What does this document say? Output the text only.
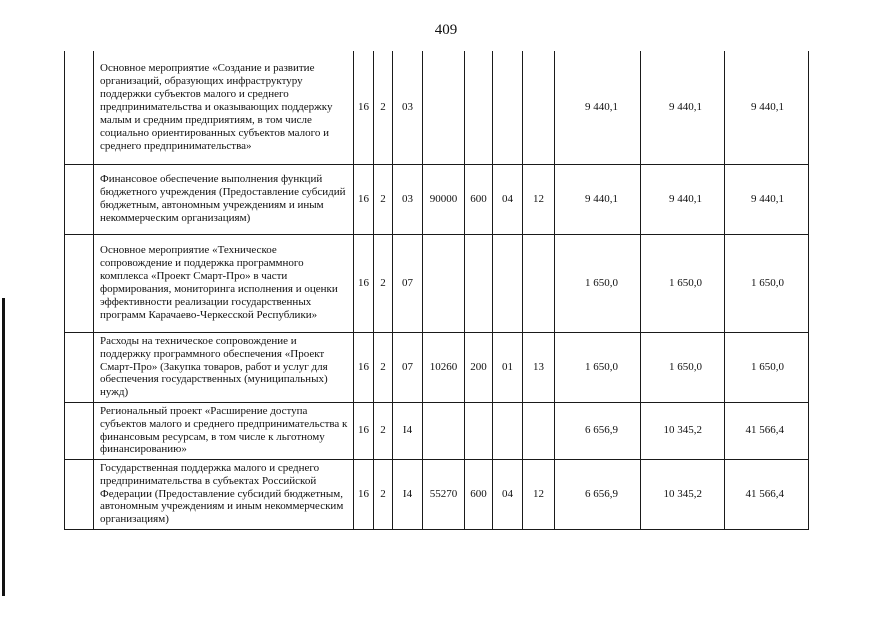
409
	Основное мероприятие «Создание и развитие организаций, образующих инфраструктуру поддержки субъектов малого и среднего предпринимательства и оказывающих поддержку малым и средним предприятиям, в том числе социально ориентированных субъектов малого и среднего предпринимательства»	16	2	03					9 440,1	9 440,1	9 440,1
	Финансовое обеспечение выполнения функций бюджетного учреждения (Предоставление субсидий бюджетным, автономным учреждениям и иным некоммерческим организациям)	16	2	03	90000	600	04	12	9 440,1	9 440,1	9 440,1
	Основное мероприятие «Техническое сопровождение и поддержка программного комплекса «Проект Смарт-Про» в части формирования, мониторинга исполнения и оценки эффективности реализации государственных программ Карачаево-Черкесской Республики»	16	2	07					1 650,0	1 650,0	1 650,0
	Расходы на техническое сопровождение и поддержку программного обеспечения «Проект Смарт-Про» (Закупка товаров, работ и услуг для обеспечения государственных (муниципальных) нужд)	16	2	07	10260	200	01	13	1 650,0	1 650,0	1 650,0
	Региональный проект «Расширение доступа субъектов малого и среднего предпринимательства к финансовым ресурсам, в том числе к льготному финансированию»	16	2	I4					6 656,9	10 345,2	41 566,4
	Государственная поддержка малого и среднего предпринимательства в субъектах Российской Федерации (Предоставление субсидий бюджетным, автономным учреждениям и иным некоммерческим организациям)	16	2	I4	55270	600	04	12	6 656,9	10 345,2	41 566,4
